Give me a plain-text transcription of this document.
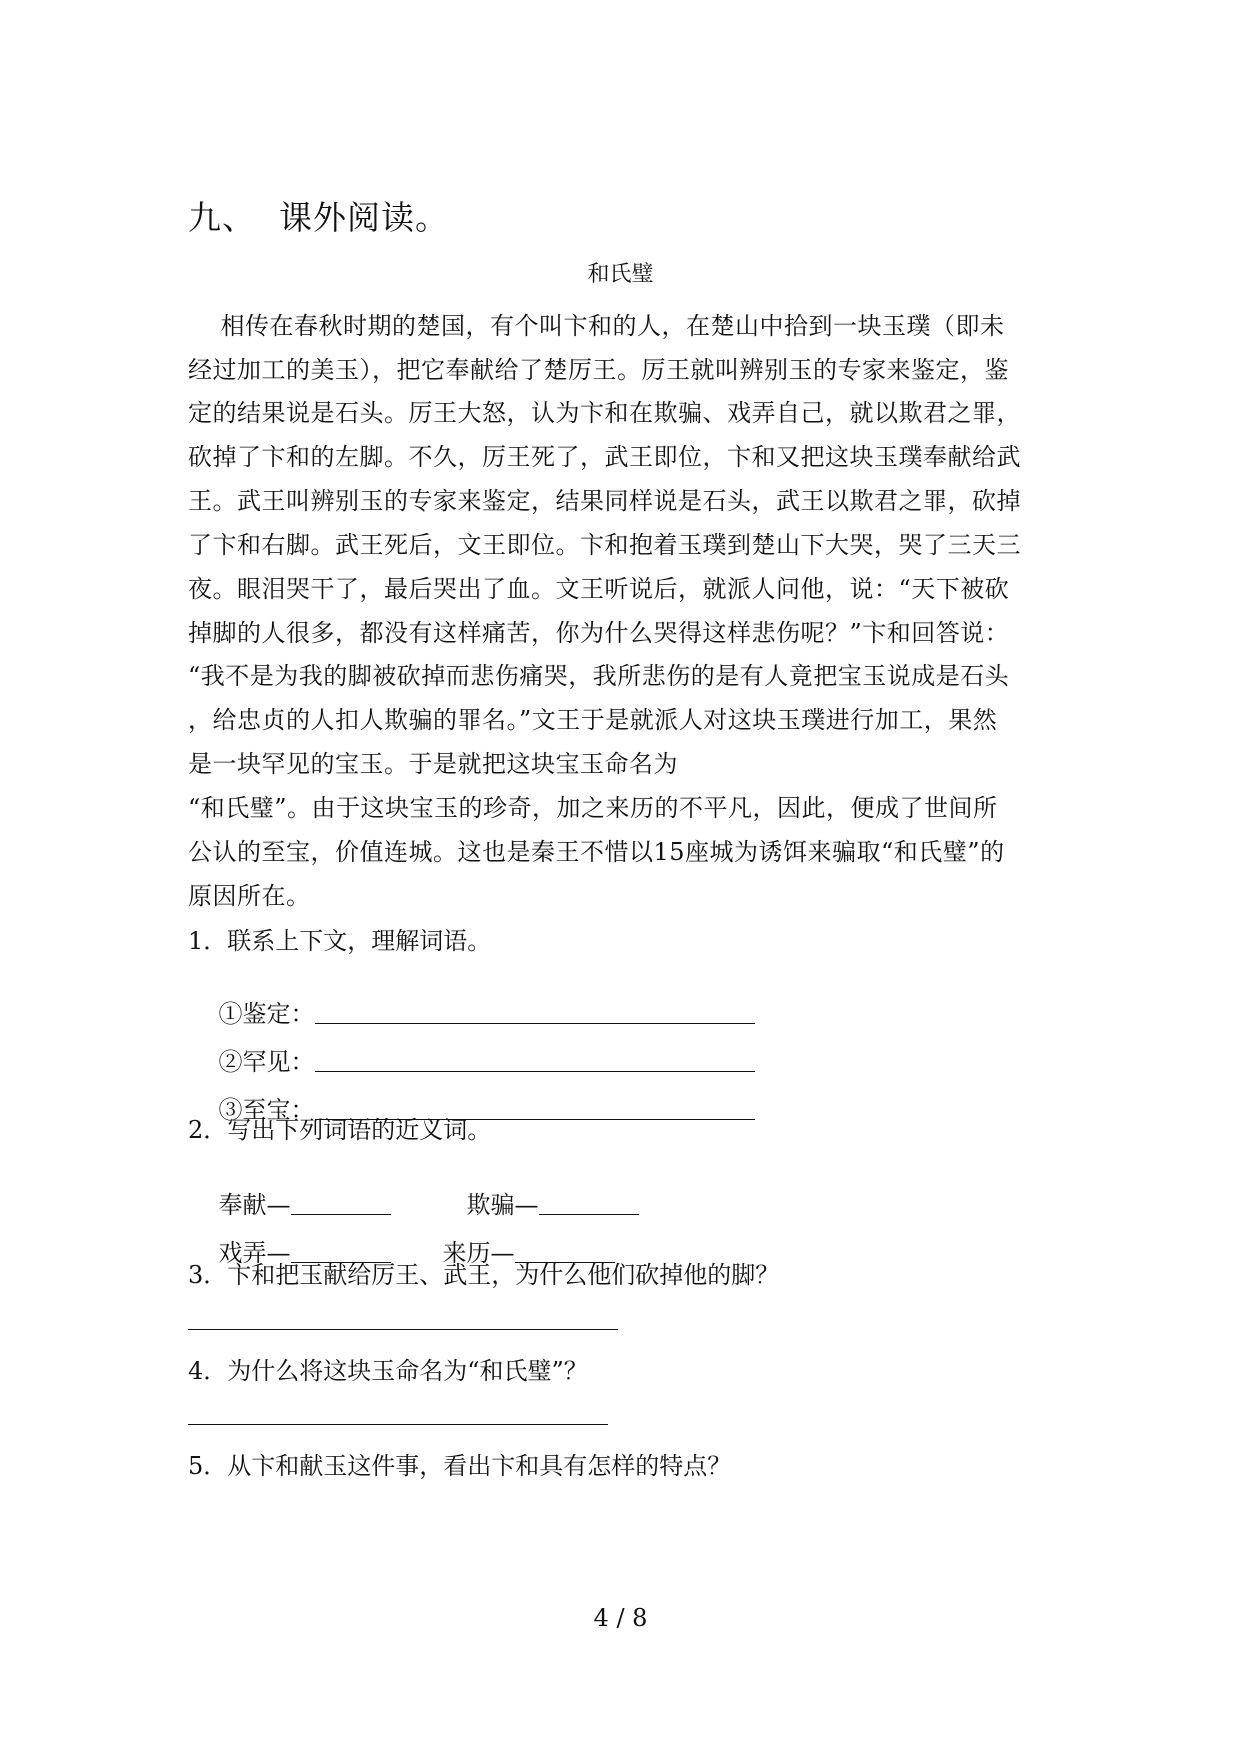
九、  课外阅读。
和氏璧
相传在春秋时期的楚国，有个叫卞和的人，在楚山中拾到一块玉璞（即未
经过加工的美玉），把它奉献给了楚厉王。厉王就叫辨别玉的专家来鉴定，鉴
定的结果说是石头。厉王大怒，认为卞和在欺骗、戏弄自己，就以欺君之罪，
砍掉了卞和的左脚。不久，厉王死了，武王即位，卞和又把这块玉璞奉献给武
王。武王叫辨别玉的专家来鉴定，结果同样说是石头，武王以欺君之罪，砍掉
了卞和右脚。武王死后，文王即位。卞和抱着玉璞到楚山下大哭，哭了三天三
夜。眼泪哭干了，最后哭出了血。文王听说后，就派人问他，说：“天下被砍
掉脚的人很多，都没有这样痛苦，你为什么哭得这样悲伤呢？”卞和回答说：
“我不是为我的脚被砍掉而悲伤痛哭，我所悲伤的是有人竟把宝玉说成是石头
，给忠贞的人扣人欺骗的罪名。”文王于是就派人对这块玉璞进行加工，果然
是一块罕见的宝玉。于是就把这块宝玉命名为
“和氏璧”。由于这块宝玉的珍奇，加之来历的不平凡，因此，便成了世间所
公认的至宝，价值连城。这也是秦王不惜以15座城为诱饵来骗取“和氏璧”的
原因所在。
1．联系上下文，理解词语。

①鉴定：

②罕见：

③至宝：

2．写出下列词语的近义词。

奉献—
	欺骗—

戏弄—
	来历—

3．卞和把玉献给厉王、武王，为什么他们砍掉他的脚？
4．为什么将这块玉命名为“和氏璧”？
5．从卞和献玉这件事，看出卞和具有怎样的特点？
4 / 8
